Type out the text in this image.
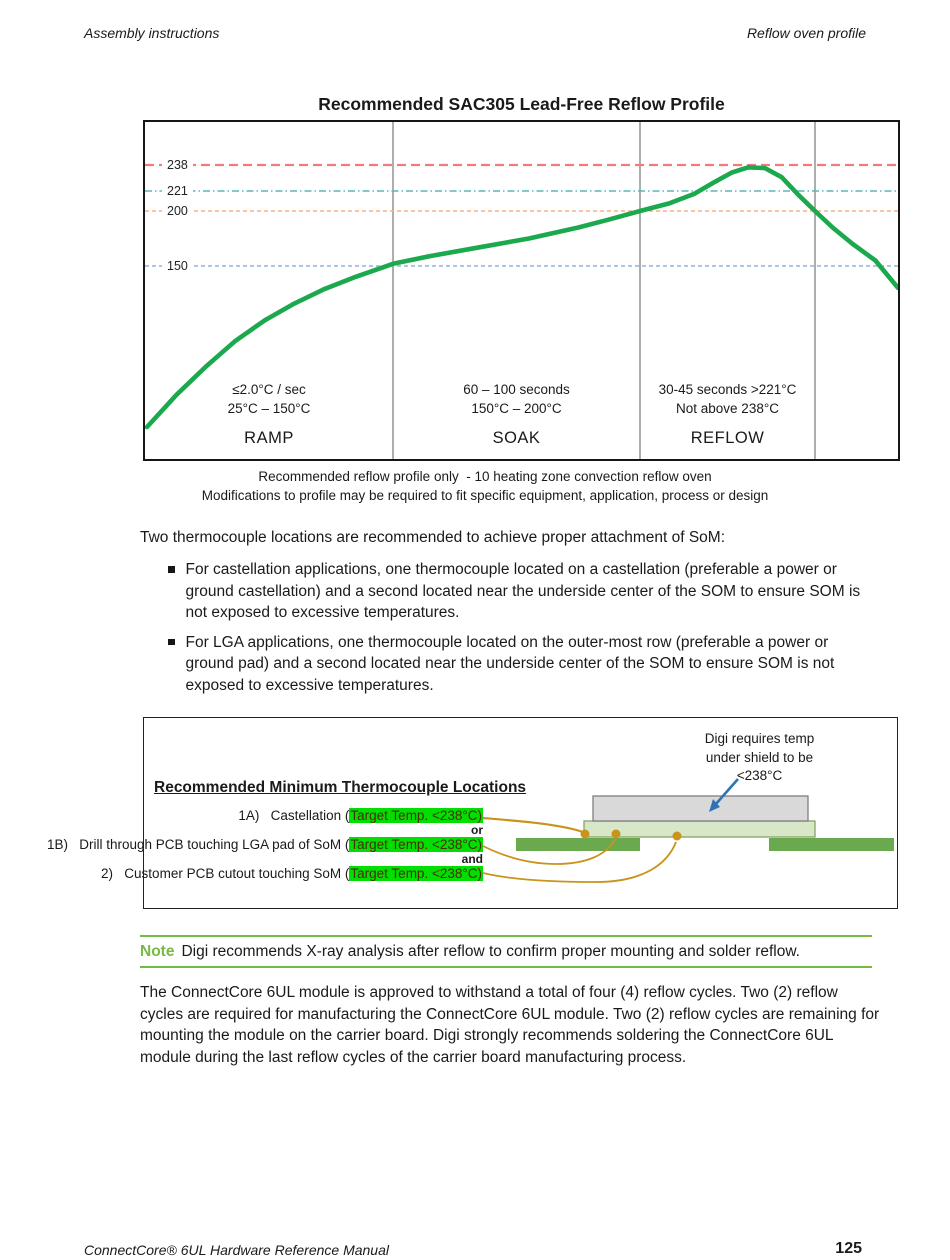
Assembly instructions	Reflow oven profile
Recommended SAC305 Lead-Free Reflow Profile
238
221
200
150
≤2.0°C / sec
25°C – 150°C
RAMP
60 – 100 seconds
150°C – 200°C
SOAK
30-45 seconds >221°C
Not above 238°C
REFLOW
Recommended reflow profile only  - 10 heating zone convection reflow oven
Modifications to profile may be required to fit specific equipment, application, process or design
Two thermocouple locations are recommended to achieve proper attachment of SoM:
For castellation applications, one thermocouple located on a castellation (preferable a power or ground castellation) and a second located near the underside center of the SOM to ensure SOM is not exposed to excessive temperatures.
For LGA applications, one thermocouple located on the outer-most row (preferable a power or ground pad) and a second located near the underside center of the SOM to ensure SOM is not exposed to excessive temperatures.
Recommended Minimum Thermocouple Locations
1A)   Castellation (Target Temp. <238°C)
or
1B)   Drill through PCB touching LGA pad of SoM (Target Temp. <238°C)
and
2)   Customer PCB cutout touching SoM (Target Temp. <238°C)
Digi requires temp
under shield to be
<238°C
Note Digi recommends X-ray analysis after reflow to confirm proper mounting and solder reflow.
The ConnectCore 6UL module is approved to withstand a total of four (4) reflow cycles. Two (2) reflow cycles are required for manufacturing the ConnectCore 6UL module. Two (2) reflow cycles are remaining for mounting the module on the carrier board. Digi strongly recommends soldering the ConnectCore 6UL module during the last reflow cycles of the carrier board manufacturing process.
ConnectCore® 6UL Hardware Reference Manual	125
